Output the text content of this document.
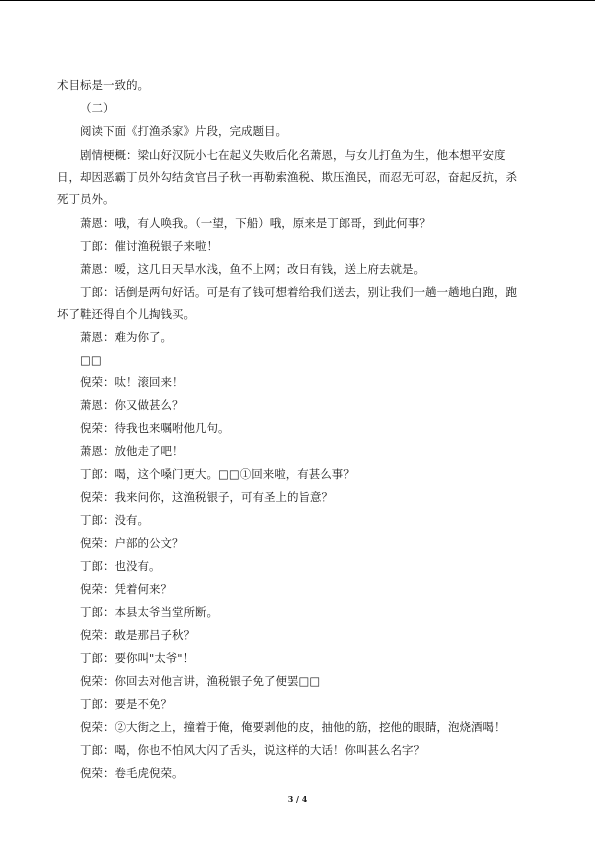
术目标是一致的。
（二）
阅读下面《打渔杀家》片段，完成题目。
剧情梗概：梁山好汉阮小七在起义失败后化名萧恩，与女儿打鱼为生，他本想平安度
日，却因恶霸丁员外勾结贪官吕子秋一再勒索渔税、欺压渔民，而忍无可忍，奋起反抗，杀
死丁员外。
萧恩：哦，有人唤我。（一望，下船）哦，原来是丁郎哥，到此何事？
丁郎：催讨渔税银子来啦！
萧恩：嗳，这几日天旱水浅，鱼不上网；改日有钱，送上府去就是。
丁郎：话倒是两句好话。可是有了钱可想着给我们送去，别让我们一趟一趟地白跑，跑
坏了鞋还得自个儿掏钱买。
萧恩：难为你了。
□□
倪荣：呔！滚回来！
萧恩：你又做甚么？
倪荣：待我也来嘱咐他几句。
萧恩：放他走了吧！
丁郎：喝，这个嗓门更大。□□①回来啦，有甚么事？
倪荣：我来问你，这渔税银子，可有圣上的旨意？
丁郎：没有。
倪荣：户部的公文？
丁郎：也没有。
倪荣：凭着何来？
丁郎：本县太爷当堂所断。
倪荣：敢是那吕子秋？
丁郎：要你叫"太爷"！
倪荣：你回去对他言讲，渔税银子免了便罢□□
丁郎：要是不免？
倪荣：②大街之上，撞着于俺，俺要剥他的皮，抽他的筋，挖他的眼睛，泡烧酒喝！
丁郎：喝，你也不怕风大闪了舌头，说这样的大话！你叫甚么名字？
倪荣：卷毛虎倪荣。
3 / 4
